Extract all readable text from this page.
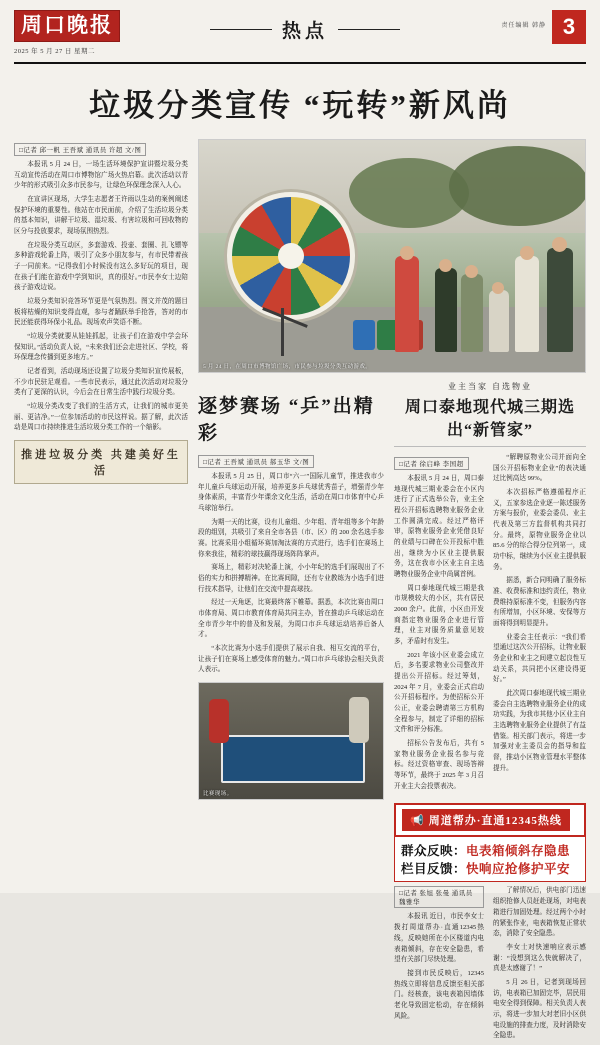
周口晚报
2025 年 5 月 27 日 星期二
热点	责任编辑 韩静 3
垃圾分类宣传 “玩转”新风尚
□记者 邱一帆 王吾斌 通讯员 许超 文/图

本报讯 5 月 24 日，一场生活环境保护宣讲暨垃圾分类互动宣传活动在周口市博物馆广场火热启幕。此次活动以青少年的形式吸引众多市民参与，让绿色环保理念深入人心。

在宣讲区现场，大学生志愿者王许雨以生动的案例阐述保护环境的重要性。他站在市民面前，介绍了生活垃圾分类的基本知识，讲解干垃圾、湿垃圾、有害垃圾和可回收物的区分与投放要求，现场氛围热烈。

在垃圾分类互动区，多套游戏、投壶、套圈、扎飞镖等多种游戏轮番上阵，吸引了众多小朋友参与，有市民带着孩子一同前来。“记得我们小时候没有这么多好玩的项目，现在孩子们能在游戏中学到知识，真的很好。”市民李女士边陪孩子游戏边说。

垃圾分类知识竞答环节更是气氛热烈。图文并茂的题目板将枯燥的知识变得直观，参与者踊跃举手抢答，答对的市民还能获得环保小礼品。现场欢声笑语不断。

“垃圾分类就要从娃娃抓起，让孩子们在游戏中学会环保知识。”活动负责人说，“未来我们还会走进社区、学校，将环保理念传播到更多地方。”

记者看到，活动现场还设置了垃圾分类知识宣传展板，不少市民驻足观看。一些市民表示，通过此次活动对垃圾分类有了更深的认识，今后会在日常生活中践行垃圾分类。

“垃圾分类改变了我们的生活方式，让我们的城市更美丽、更洁净。”一位参加活动的市民这样说。据了解，此次活动是周口市持续推进生活垃圾分类工作的一个缩影。

推进垃圾分类 共建美好生活
5 月 24 日，在周口市博物馆广场，市民参与垃圾分类互动游戏。
逐梦赛场 “乒”出精彩
□记者 王吾斌 通讯员 郝玉华 文/图

本报讯 5 月 25 日，周口市“六一”国际儿童节，推进我市少年儿童乒乓球运动开展，培养更多乒乓球优秀苗子，增强青少年身体素质，丰富青少年课余文化生活，活动在周口市体育中心乒乓球馆举行。

为期一天的比赛，设有儿童组、少年组、青年组等多个年龄段的组别，共吸引了来自全市各县（市、区）的 200 余名选手参赛。比赛采用小组循环赛加淘汰赛的方式进行，选手们在赛场上你来我往，精彩的球技赢得现场阵阵掌声。

赛场上，精彩对决轮番上演，小小年纪的选手们展现出了不俗的实力和拼搏精神。在比赛间隙，还有专业教练为小选手们进行技术指导，让他们在交流中提高球技。

经过一天角逐，比赛最终落下帷幕。据悉，本次比赛由周口市体育局、周口市教育体育局共同主办，旨在推动乒乓球运动在全市青少年中的普及和发展，为周口市乒乓球运动培养后备人才。

“本次比赛为小选手们提供了展示自我、相互交流的平台，让孩子们在赛场上感受体育的魅力。”周口市乒乓球协会相关负责人表示。

比赛现场。
业主当家 自选物业
周口泰地现代城三期选出“新管家”
□记者 徐启峰 李国超

本报讯 5 月 24 日，周口泰地现代城三期业委会在小区内进行了正式选举公告，业主全程公开招标选聘物业服务企业工作圆满完成。经过严格评审，原物业服务企业凭借良好的业绩与口碑在公开投标中胜出，继续为小区业主提供服务，这在我市小区业主自主选聘物业服务企业中尚属首例。

周口泰地现代城三期是我市规模较大的小区，共有居民 2000 余户。此前，小区由开发商指定物业服务企业进行管理，业主对服务质量意见较多，矛盾时有发生。

2021 年该小区业委会成立后，多名要求物业公司整改并提出公开招标。经过筹划，2024 年 7 月，业委会正式启动公开招标程序。为使招标公开公正，业委会聘请第三方机构全程参与，制定了详细的招标文件和评分标准。

招标公告发布后，共有 5 家物业服务企业报名参与竞标。经过资格审查、现场答辩等环节，最终于 2025 年 3 月召开业主大会投票表决。

“解聘原物业公司并面向全国公开招标物业企业”的表决通过比例高达 99%。

本次招标严格遵循程序正义，五家参选企业逐一陈述服务方案与报价，业委会委员、业主代表及第三方监督机构共同打分。最终，原物业服务企业以 85.6 分的综合得分位列第一，成功中标，继续为小区业主提供服务。

据悉，新合同明确了服务标准、收费标准和违约责任，物业费维持原标准不变，但服务内容有所增加，小区环境、安保等方面将得到明显提升。

业委会主任表示：“我们希望通过这次公开招标，让物业服务企业和业主之间建立起良性互动关系，共同把小区建设得更好。”

此次周口泰地现代城三期业委会自主选聘物业服务企业的成功实践，为我市其他小区业主自主选聘物业服务企业提供了有益借鉴。相关部门表示，将进一步加强对业主委员会的指导和监督，推动小区物业管理水平整体提升。

📢 周道帮办·直通12345热线
群众反映：电表箱倾斜存隐患
栏目反馈：快响应抢修护平安
□记者 张旭 张曼 通讯员 魏雅华

本报讯 近日，市民李女士拨打周道帮办·直通12345热线，反映她所在小区楼道内电表箱倾斜，存在安全隐患，希望有关部门尽快处理。

接到市民反映后，12345 热线立即将信息反馈至相关部门。经核查，该电表箱因墙体老化导致固定松动，存在倾斜风险。

了解情况后，供电部门迅速组织抢修人员赶赴现场，对电表箱进行加固处理。经过两个小时的紧张作业，电表箱恢复正常状态，消除了安全隐患。

李女士对快速响应表示感谢：“没想到这么快就解决了，真是太感谢了！”

5 月 26 日，记者到现场回访，电表箱已加固完毕，居民用电安全得到保障。相关负责人表示，将进一步加大对老旧小区供电设施的排查力度，及时消除安全隐患。
